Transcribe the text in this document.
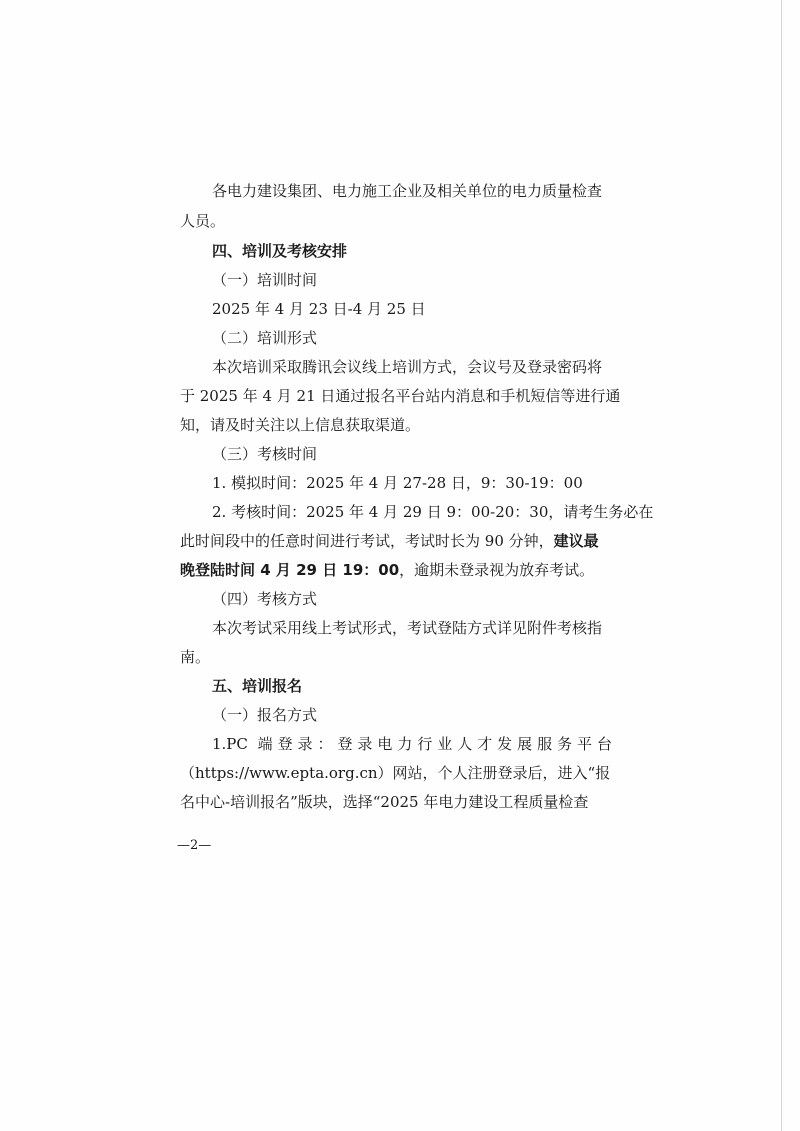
各电力建设集团、电力施工企业及相关单位的电力质量检查
人员。
四、培训及考核安排
（一）培训时间
2025 年 4 月 23 日-4 月 25 日
（二）培训形式
本次培训采取腾讯会议线上培训方式，会议号及登录密码将
于 2025 年 4 月 21 日通过报名平台站内消息和手机短信等进行通
知，请及时关注以上信息获取渠道。
（三）考核时间
1. 模拟时间：2025 年 4 月 27-28 日，9：30-19：00
2. 考核时间：2025 年 4 月 29 日 9：00-20：30，请考生务必在
此时间段中的任意时间进行考试，考试时长为 90 分钟，建议最
晚登陆时间 4 月 29 日 19：00，逾期未登录视为放弃考试。
（四）考核方式
本次考试采用线上考试形式，考试登陆方式详见附件考核指
南。
五、培训报名
（一）报名方式
1.PC 端登录：登录电力行业人才发展服务平台
（https://www.epta.org.cn）网站，个人注册登录后，进入“报
名中心-培训报名”版块，选择“2025 年电力建设工程质量检查
—2—
